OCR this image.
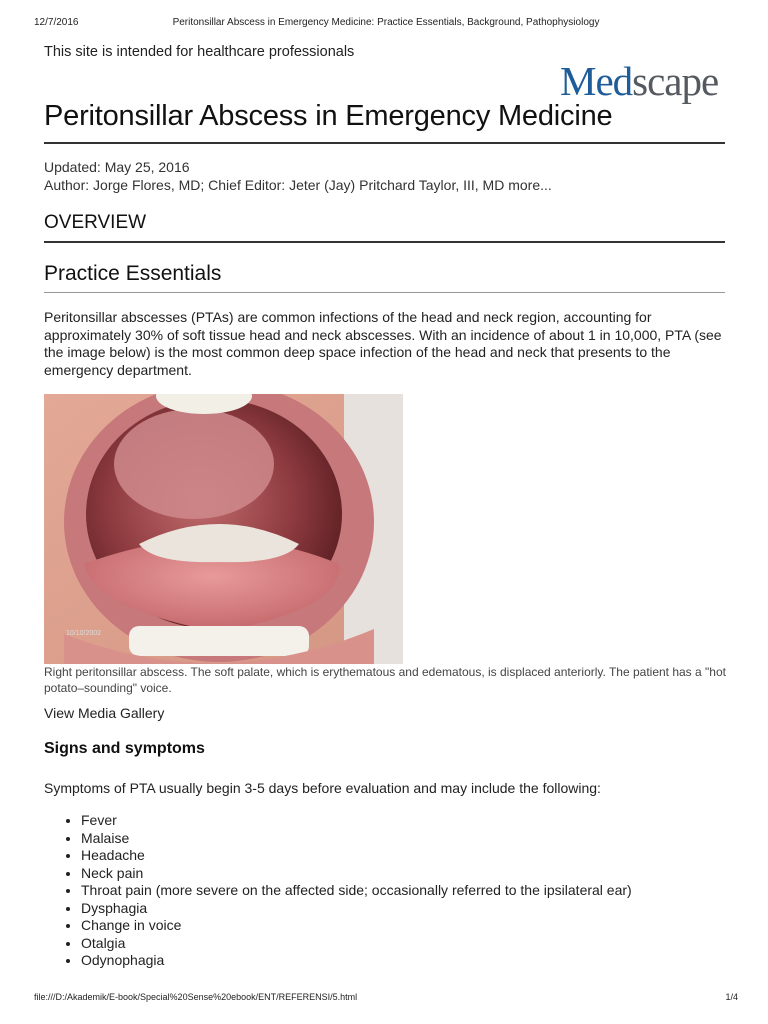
12/7/2016	Peritonsillar Abscess in Emergency Medicine: Practice Essentials, Background, Pathophysiology
This site is intended for healthcare professionals
Medscape
Peritonsillar Abscess in Emergency Medicine
Updated: May 25, 2016
Author: Jorge Flores, MD; Chief Editor: Jeter (Jay) Pritchard Taylor, III, MD more...
OVERVIEW
Practice Essentials

Peritonsillar abscesses (PTAs) are common infections of the head and neck region, accounting for approximately 30% of soft tissue head and neck abscesses. With an incidence of about 1 in 10,000, PTA (see the image below) is the most common deep space infection of the head and neck that presents to the emergency department.

10/10/2002

Right peritonsillar abscess. The soft palate, which is erythematous and edematous, is displaced anteriorly. The patient has a "hot potato–sounding" voice.

View Media Gallery
Signs and symptoms

Symptoms of PTA usually begin 3-5 days before evaluation and may include the following:

• Fever
• Malaise
• Headache
• Neck pain
• Throat pain (more severe on the affected side; occasionally referred to the ipsilateral ear)
• Dysphagia
• Change in voice
• Otalgia
• Odynophagia
file:///D:/Akademik/E-book/Special%20Sense%20ebook/ENT/REFERENSI/5.html	1/4
